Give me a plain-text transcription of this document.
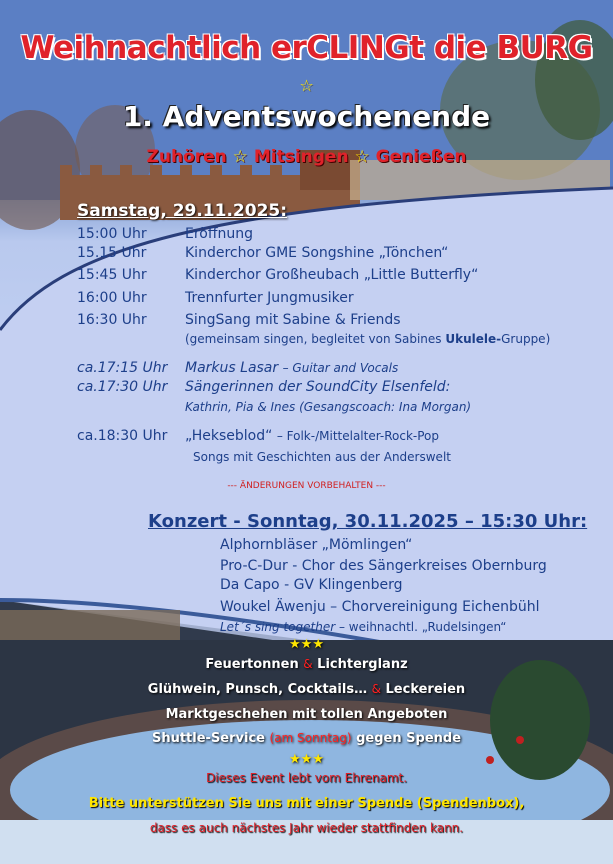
Weihnachtlich erCLINGt die BURG
☆
1. Adventswochenende
Zuhören ☆ Mitsingen ☆ Genießen
Samstag, 29.11.2025:
15:00 Uhr	Eröffnung
15.15 Uhr	Kinderchor GME Songshine „Tönchen“
15:45 Uhr	Kinderchor Großheubach „Little Butterfly“
16:00 Uhr	Trennfurter Jungmusiker
16:30 Uhr	SingSang mit Sabine & Friends
(gemeinsam singen, begleitet von Sabines Ukulele-Gruppe)
ca.17:15 Uhr Markus Lasar – Guitar and Vocals
ca.17:30 Uhr Sängerinnen der SoundCity Elsenfeld:
Kathrin, Pia & Ines (Gesangscoach: Ina Morgan)
ca.18:30 Uhr „Hekseblod“ – Folk-/Mittelalter-Rock-Pop
Songs mit Geschichten aus der Anderswelt
--- ÄNDERUNGEN VORBEHALTEN ---
Konzert - Sonntag, 30.11.2025 – 15:30 Uhr:
Alphornbläser „Mömlingen“
Pro-C-Dur - Chor des Sängerkreises Obernburg
Da Capo - GV Klingenberg
Woukel Äwenju – Chorvereinigung Eichenbühl
Let´s sing together – weihnachtl. „Rudelsingen“
★★★
Feuertonnen & Lichterglanz
Glühwein, Punsch, Cocktails… & Leckereien
Marktgeschehen mit tollen Angeboten
Shuttle-Service (am Sonntag) gegen Spende
★★★
Dieses Event lebt vom Ehrenamt.
Bitte unterstützen Sie uns mit einer Spende (Spendenbox),
dass es auch nächstes Jahr wieder stattfinden kann.
